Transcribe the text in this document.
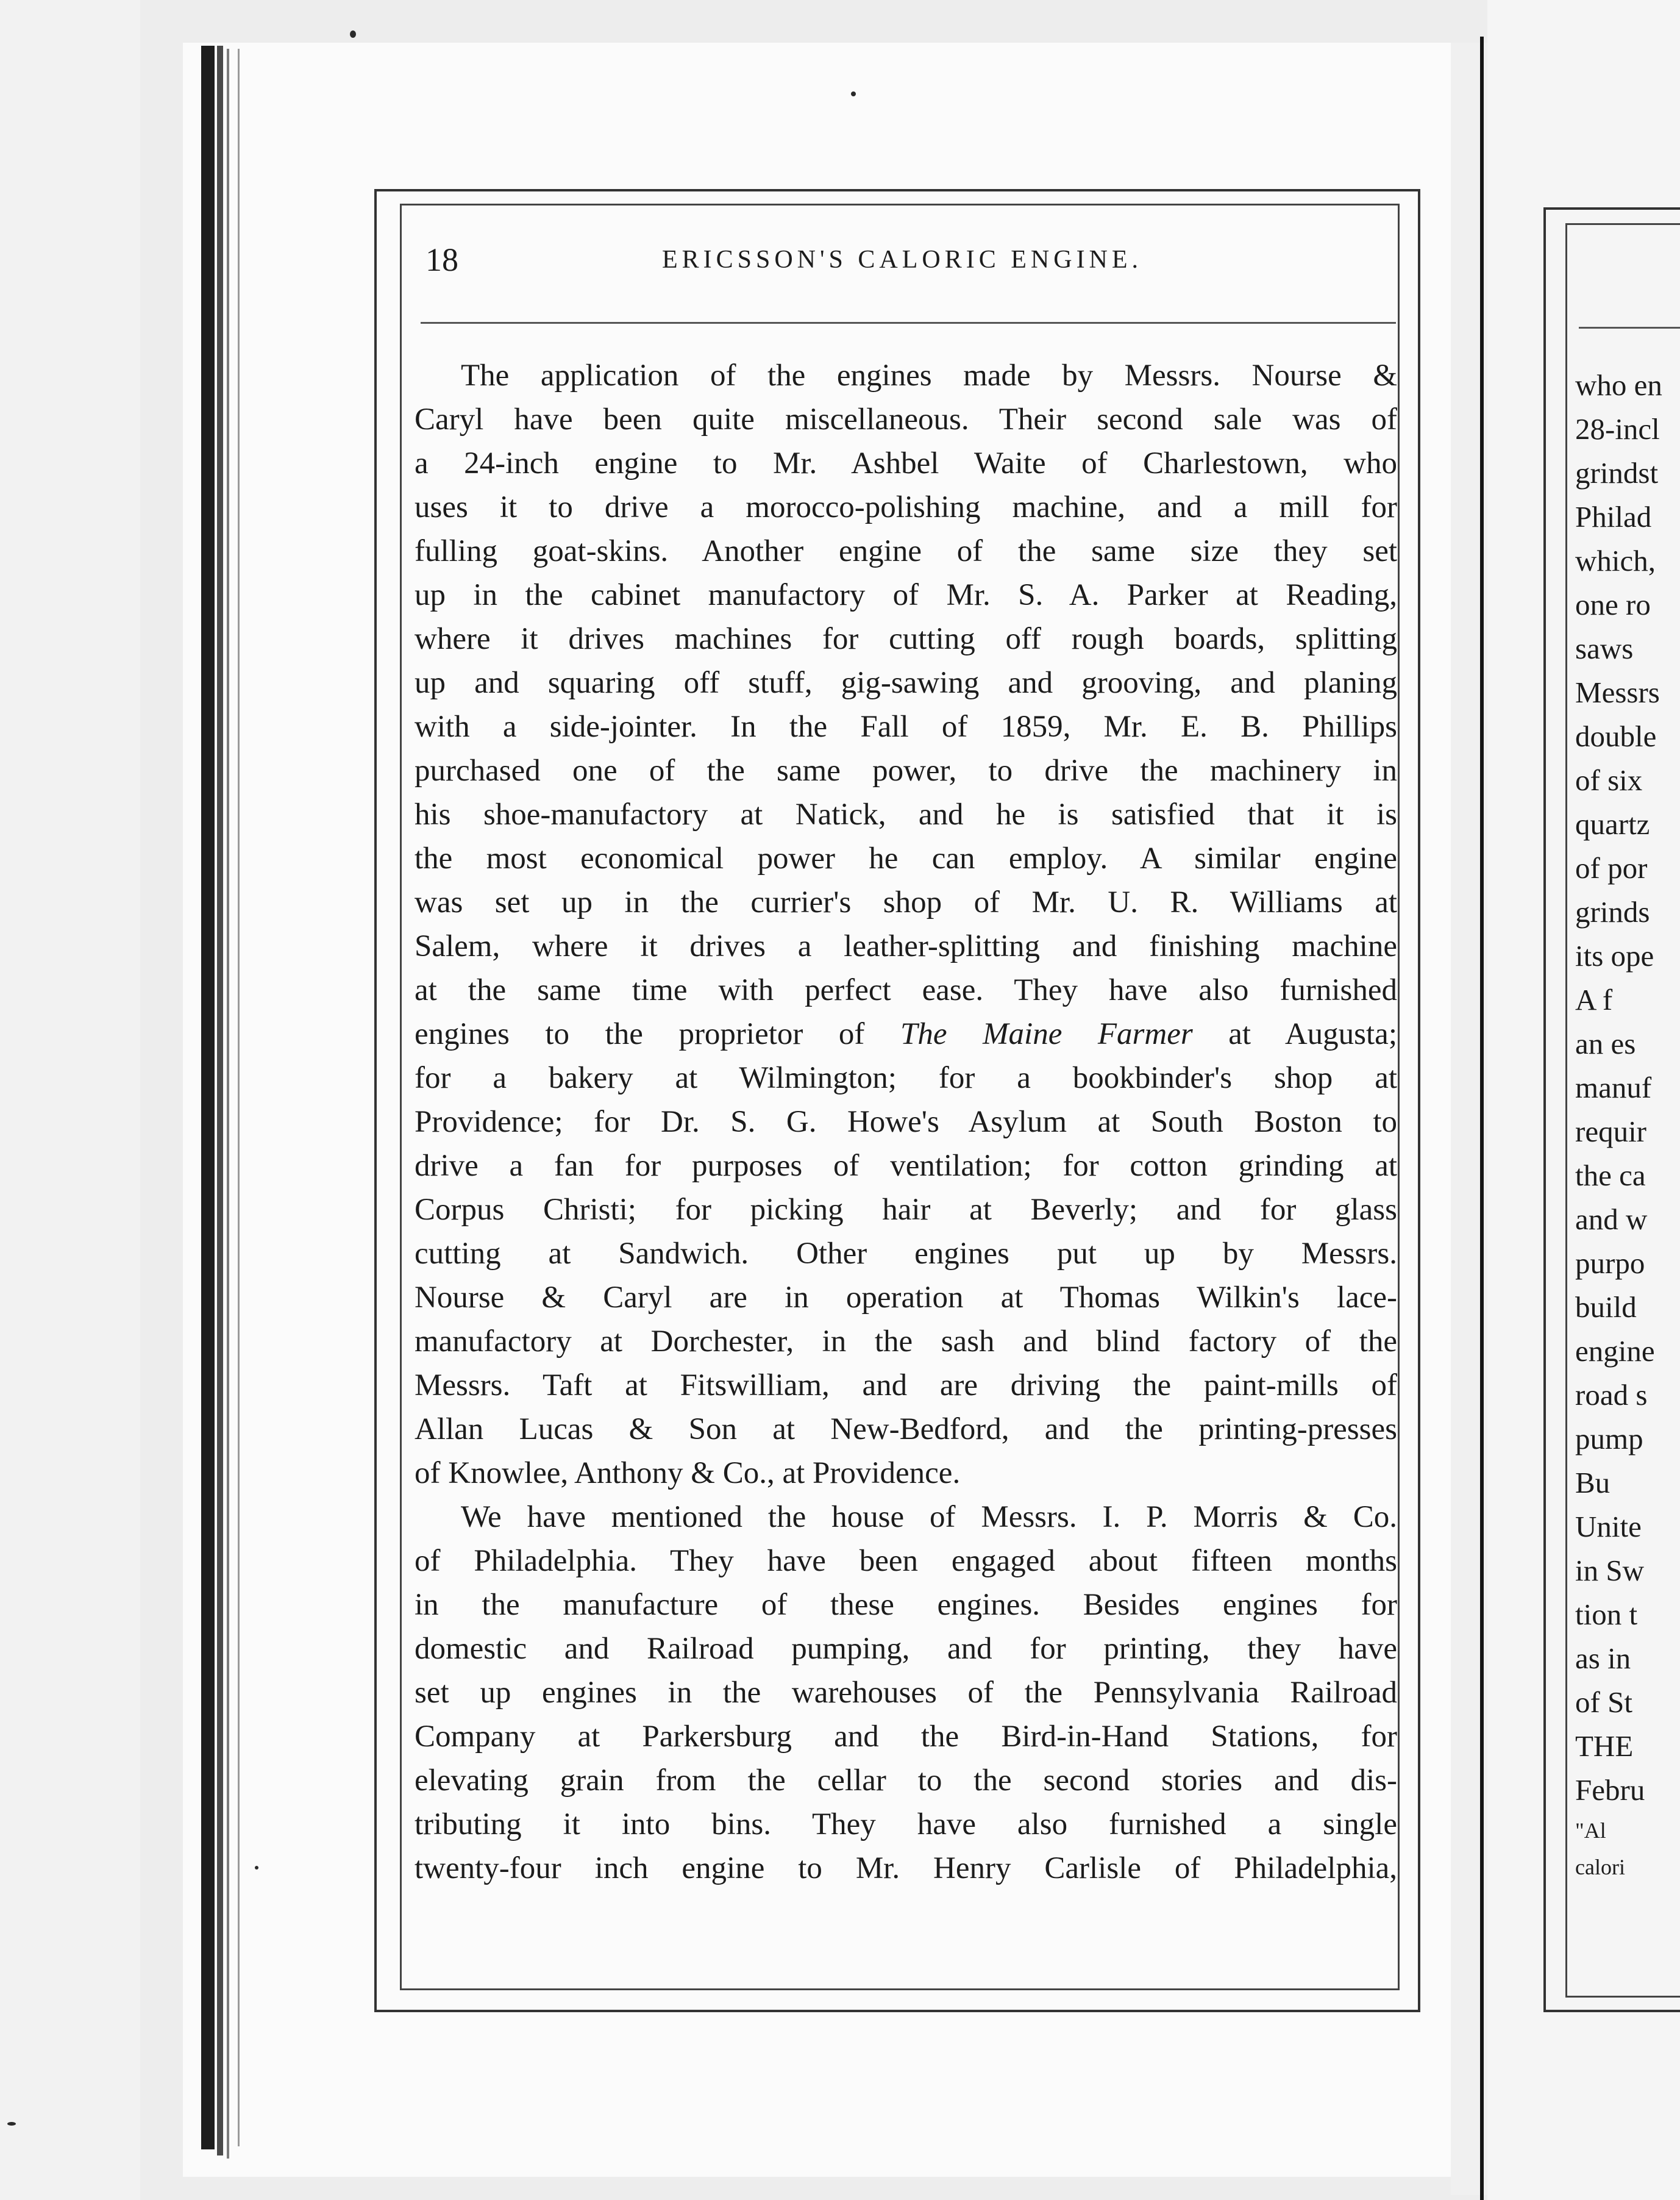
18	ERICSSON'S CALORIC ENGINE.
The application of the engines made by Messrs. Nourse &
Caryl have been quite miscellaneous. Their second sale was of
a 24-inch engine to Mr. Ashbel Waite of Charlestown, who
uses it to drive a morocco-polishing machine, and a mill for
fulling goat-skins. Another engine of the same size they set
up in the cabinet manufactory of Mr. S. A. Parker at Reading,
where it drives machines for cutting off rough boards, splitting
up and squaring off stuff, gig-sawing and grooving, and planing
with a side-jointer. In the Fall of 1859, Mr. E. B. Phillips
purchased one of the same power, to drive the machinery in
his shoe-manufactory at Natick, and he is satisfied that it is
the most economical power he can employ. A similar engine
was set up in the currier's shop of Mr. U. R. Williams at
Salem, where it drives a leather-splitting and finishing machine
at the same time with perfect ease. They have also furnished
engines to the proprietor of The Maine Farmer at Augusta;
for a bakery at Wilmington; for a bookbinder's shop at
Providence; for Dr. S. G. Howe's Asylum at South Boston to
drive a fan for purposes of ventilation; for cotton grinding at
Corpus Christi; for picking hair at Beverly; and for glass
cutting at Sandwich. Other engines put up by Messrs.
Nourse & Caryl are in operation at Thomas Wilkin's lace-
manufactory at Dorchester, in the sash and blind factory of the
Messrs. Taft at Fitswilliam, and are driving the paint-mills of
Allan Lucas & Son at New-Bedford, and the printing-presses
of Knowlee, Anthony & Co., at Providence.
We have mentioned the house of Messrs. I. P. Morris & Co.
of Philadelphia. They have been engaged about fifteen months
in the manufacture of these engines. Besides engines for
domestic and Railroad pumping, and for printing, they have
set up engines in the warehouses of the Pennsylvania Railroad
Company at Parkersburg and the Bird-in-Hand Stations, for
elevating grain from the cellar to the second stories and dis-
tributing it into bins. They have also furnished a single
twenty-four inch engine to Mr. Henry Carlisle of Philadelphia,
who en
28-incl
grindst
Philad
which,
one ro
saws
Messrs
double
of six
quartz
of por
grinds
its ope
A f
an es
manuf
requir
the ca
and w
purpo
build
engine
road s
pump
Bu
Unite
in Sw
tion t
as in
of St
THE
Febru
"Al
calori
